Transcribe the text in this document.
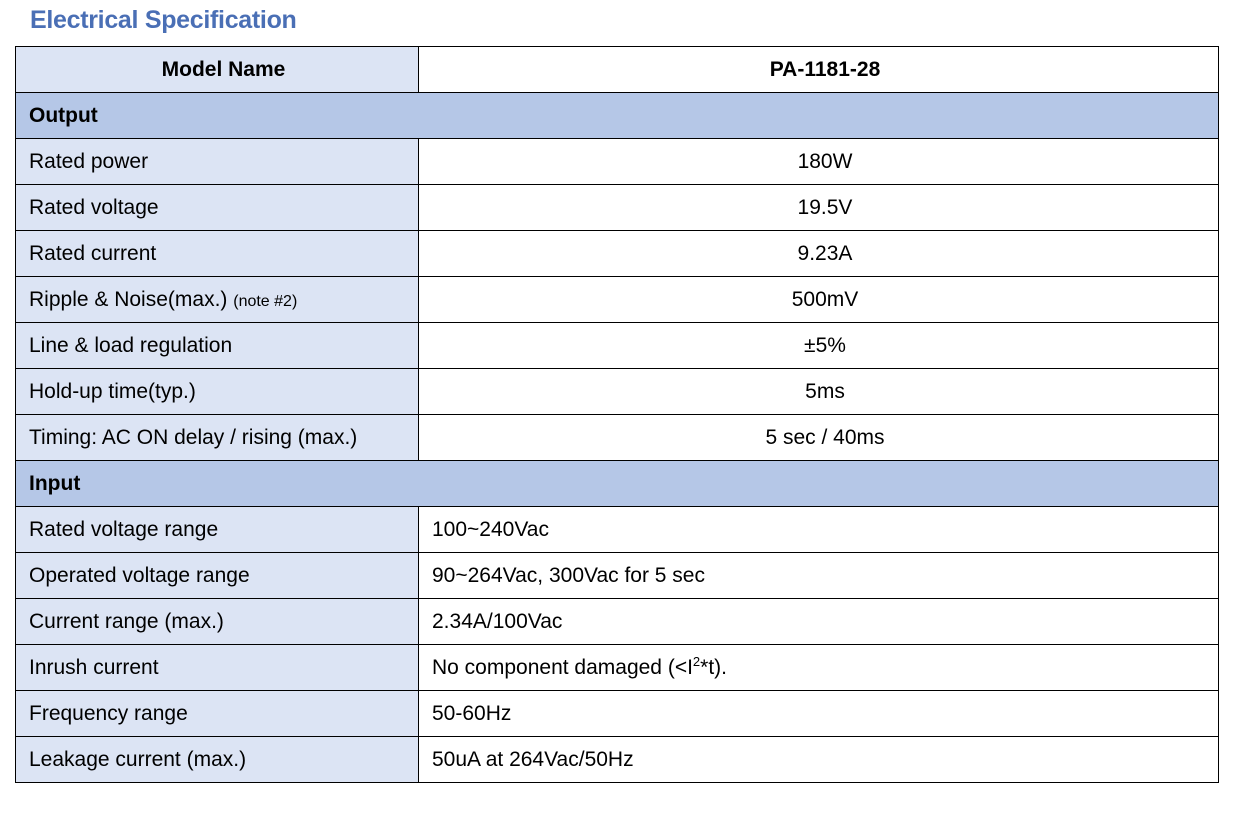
Electrical Specification
Model Name	PA-1181-28
Output	
Rated power	180W
Rated voltage	19.5V
Rated current	9.23A
Ripple & Noise(max.) (note #2)	500mV
Line & load regulation	±5%
Hold-up time(typ.)	5ms
Timing: AC ON delay / rising (max.)	5 sec / 40ms
Input	
Rated voltage range	100~240Vac
Operated voltage range	90~264Vac, 300Vac for 5 sec
Current range (max.)	2.34A/100Vac
Inrush current	No component damaged $(<I^2*t)$.
Frequency range	50-60Hz
Leakage current (max.)	50uA at 264Vac/50Hz
